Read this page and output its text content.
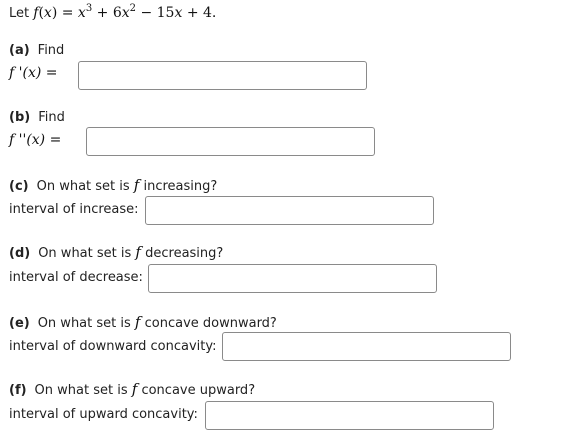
Let $f(x) = x^3 + 6x^2 - 15x + 4$.
(a) Find
f '(x) =
(b) Find
f ''(x) =
(c) On what set is f increasing?
interval of increase:
(d) On what set is f decreasing?
interval of decrease:
(e) On what set is f concave downward?
interval of downward concavity:
(f) On what set is f concave upward?
interval of upward concavity:
